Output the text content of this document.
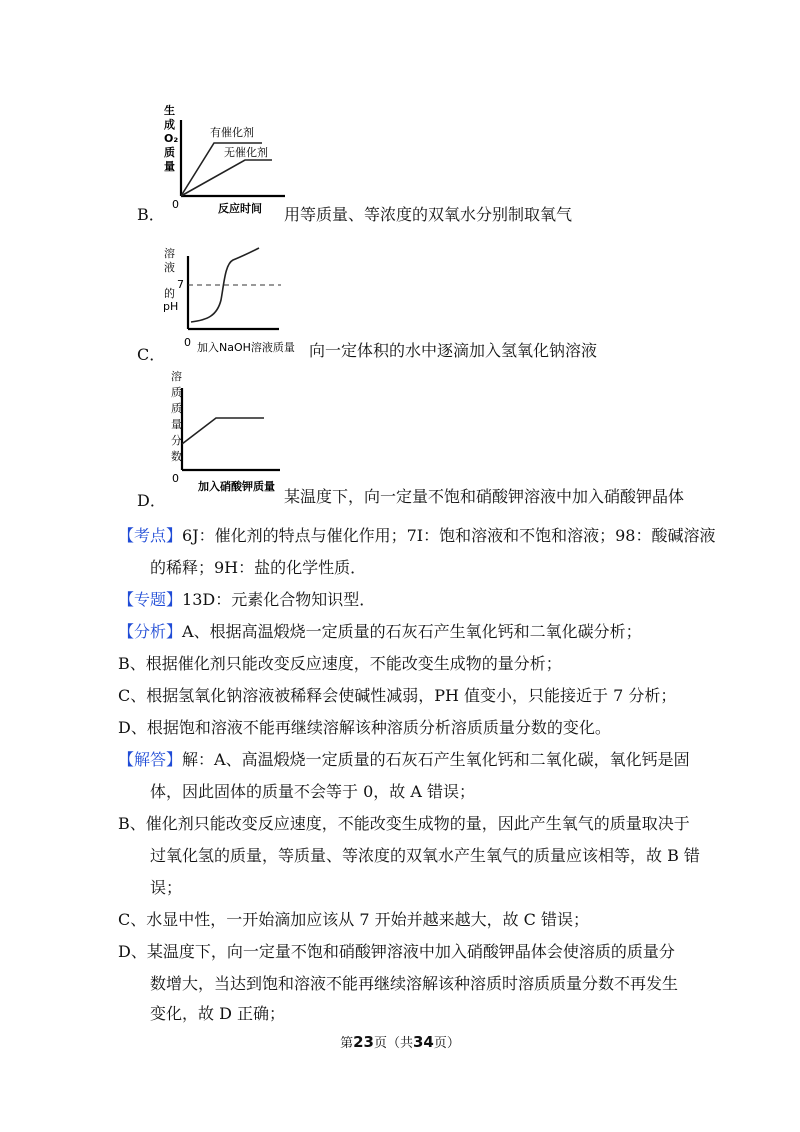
生
成
O₂
质
量
有催化剂
无催化剂
0	反应时间
B．	用等质量、等浓度的双氧水分别制取氧气
溶
液
的
pH
7
0 加入NaOH溶液质量
C．	向一定体积的水中逐滴加入氢氧化钠溶液
溶
质
质
量
分
数
0
加入硝酸钾质量
D．	某温度下，向一定量不饱和硝酸钾溶液中加入硝酸钾晶体
【考点】6J：催化剂的特点与催化作用；7I：饱和溶液和不饱和溶液；98：酸碱溶液
的稀释；9H：盐的化学性质．
【专题】13D：元素化合物知识型．
【分析】A、根据高温煅烧一定质量的石灰石产生氧化钙和二氧化碳分析；
B、根据催化剂只能改变反应速度，不能改变生成物的量分析；
C、根据氢氧化钠溶液被稀释会使碱性减弱，PH 值变小，只能接近于 7 分析；
D、根据饱和溶液不能再继续溶解该种溶质分析溶质质量分数的变化。
【解答】解：A、高温煅烧一定质量的石灰石产生氧化钙和二氧化碳，氧化钙是固
体，因此固体的质量不会等于 0，故 A 错误；
B、催化剂只能改变反应速度，不能改变生成物的量，因此产生氧气的质量取决于
过氧化氢的质量，等质量、等浓度的双氧水产生氧气的质量应该相等，故 B 错
误；
C、水显中性，一开始滴加应该从 7 开始并越来越大，故 C 错误；
D、某温度下，向一定量不饱和硝酸钾溶液中加入硝酸钾晶体会使溶质的质量分
数增大，当达到饱和溶液不能再继续溶解该种溶质时溶质质量分数不再发生
变化，故 D 正确；
第23页（共34页）
